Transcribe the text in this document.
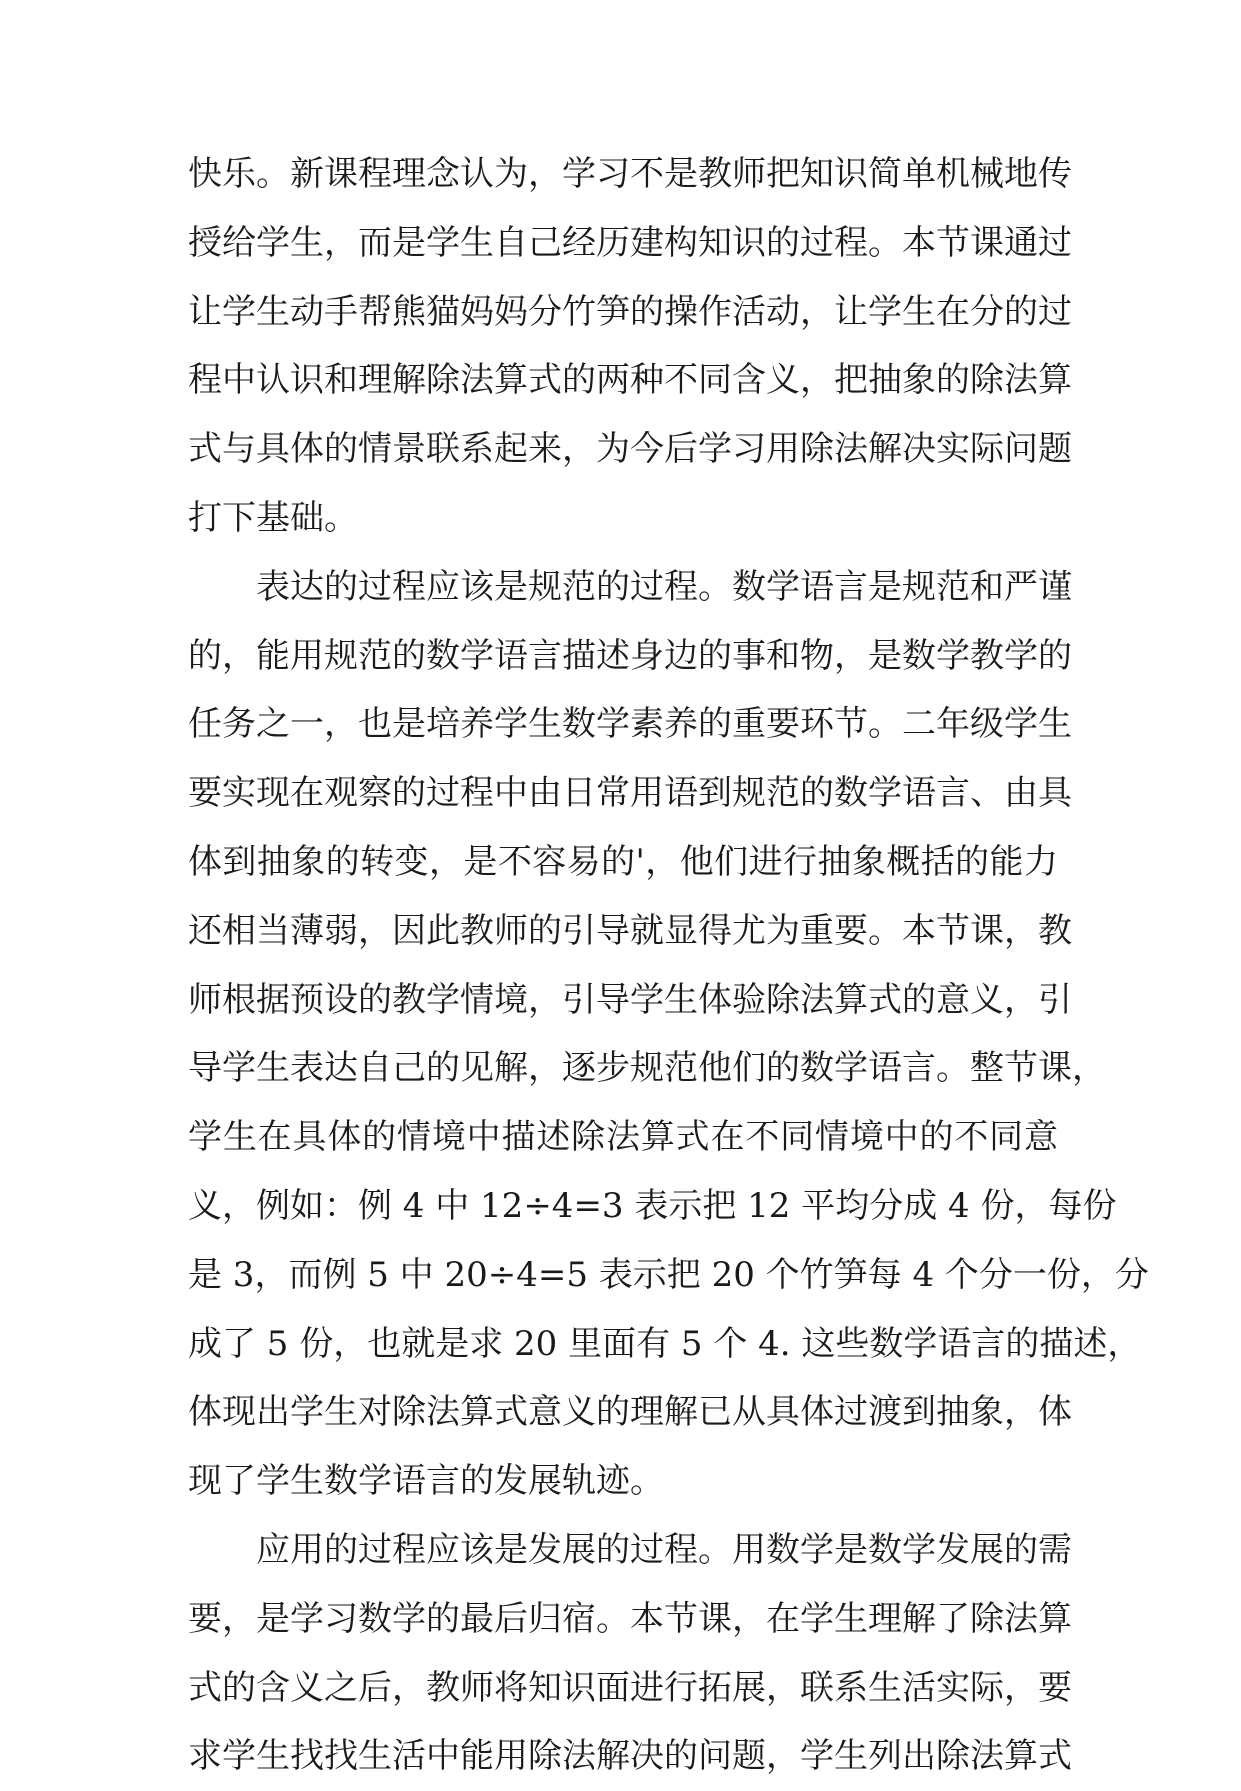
快乐。新课程理念认为，学习不是教师把知识简单机械地传
授给学生，而是学生自己经历建构知识的过程。本节课通过
让学生动手帮熊猫妈妈分竹笋的操作活动，让学生在分的过
程中认识和理解除法算式的两种不同含义，把抽象的除法算
式与具体的情景联系起来，为今后学习用除法解决实际问题
打下基础。
表达的过程应该是规范的过程。数学语言是规范和严谨
的，能用规范的数学语言描述身边的事和物，是数学教学的
任务之一，也是培养学生数学素养的重要环节。二年级学生
要实现在观察的过程中由日常用语到规范的数学语言、由具
体到抽象的转变，是不容易的'，他们进行抽象概括的能力
还相当薄弱，因此教师的引导就显得尤为重要。本节课，教
师根据预设的教学情境，引导学生体验除法算式的意义，引
导学生表达自己的见解，逐步规范他们的数学语言。整节课，
学生在具体的情境中描述除法算式在不同情境中的不同意
义，例如：例 4 中 12÷4=3 表示把 12 平均分成 4 份，每份
是 3，而例 5 中 20÷4=5 表示把 20 个竹笋每 4 个分一份，分
成了 5 份，也就是求 20 里面有 5 个 4. 这些数学语言的描述，
体现出学生对除法算式意义的理解已从具体过渡到抽象，体
现了学生数学语言的发展轨迹。
应用的过程应该是发展的过程。用数学是数学发展的需
要，是学习数学的最后归宿。本节课，在学生理解了除法算
式的含义之后，教师将知识面进行拓展，联系生活实际，要
求学生找找生活中能用除法解决的问题，学生列出除法算式
